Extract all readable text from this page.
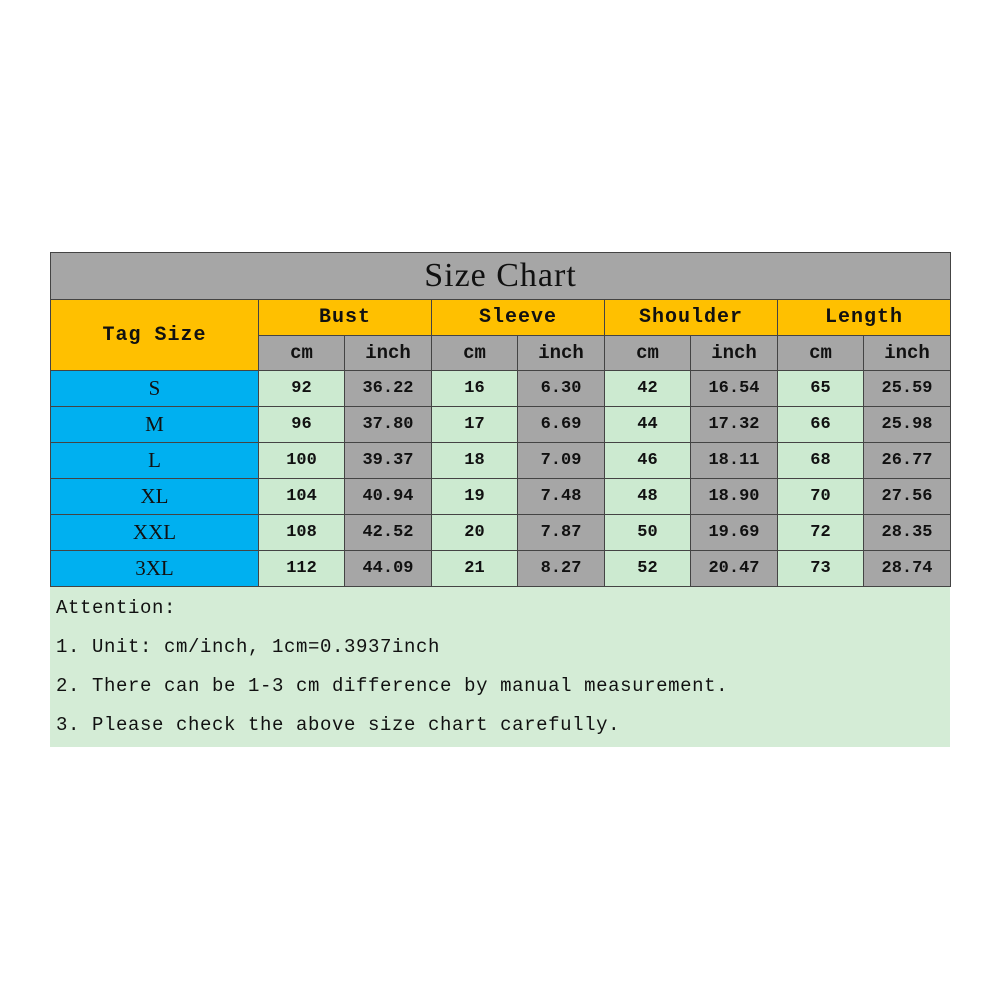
Size Chart								
Tag Size	Bust		Sleeve		Shoulder		Length	
	cm	inch	cm	inch	cm	inch	cm	inch
S	92	36.22	16	6.30	42	16.54	65	25.59
M	96	37.80	17	6.69	44	17.32	66	25.98
L	100	39.37	18	7.09	46	18.11	68	26.77
XL	104	40.94	19	7.48	48	18.90	70	27.56
XXL	108	42.52	20	7.87	50	19.69	72	28.35
3XL	112	44.09	21	8.27	52	20.47	73	28.74
Attention:
1. Unit: cm/inch, 1cm=0.3937inch
2. There can be 1-3 cm difference by manual measurement.
3. Please check the above size chart carefully.
